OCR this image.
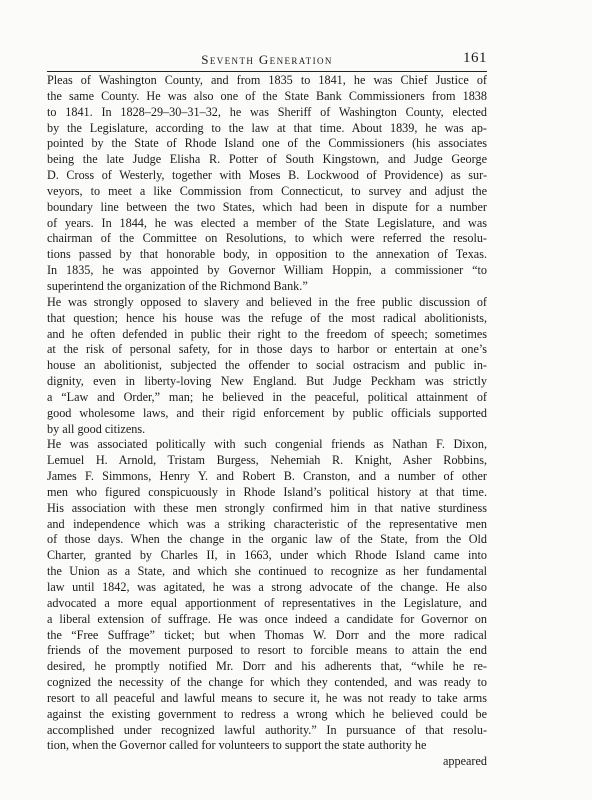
Seventh Generation	161
Pleas of Washington County, and from 1835 to 1841, he was Chief Justice of
the same County. He was also one of the State Bank Commissioners from 1838
to 1841. In 1828–29–30–31–32, he was Sheriff of Washington County, elected
by the Legislature, according to the law at that time. About 1839, he was ap-
pointed by the State of Rhode Island one of the Commissioners (his associates
being the late Judge Elisha R. Potter of South Kingstown, and Judge George
D. Cross of Westerly, together with Moses B. Lockwood of Providence) as sur-
veyors, to meet a like Commission from Connecticut, to survey and adjust the
boundary line between the two States, which had been in dispute for a number
of years. In 1844, he was elected a member of the State Legislature, and was
chairman of the Committee on Resolutions, to which were referred the resolu-
tions passed by that honorable body, in opposition to the annexation of Texas.
In 1835, he was appointed by Governor William Hoppin, a commissioner “to
superintend the organization of the Richmond Bank.”
He was strongly opposed to slavery and believed in the free public discussion of
that question; hence his house was the refuge of the most radical abolitionists,
and he often defended in public their right to the freedom of speech; sometimes
at the risk of personal safety, for in those days to harbor or entertain at one’s
house an abolitionist, subjected the offender to social ostracism and public in-
dignity, even in liberty-loving New England. But Judge Peckham was strictly
a “Law and Order,” man; he believed in the peaceful, political attainment of
good wholesome laws, and their rigid enforcement by public officials supported
by all good citizens.
He was associated politically with such congenial friends as Nathan F. Dixon,
Lemuel H. Arnold, Tristam Burgess, Nehemiah R. Knight, Asher Robbins,
James F. Simmons, Henry Y. and Robert B. Cranston, and a number of other
men who figured conspicuously in Rhode Island’s political history at that time.
His association with these men strongly confirmed him in that native sturdiness
and independence which was a striking characteristic of the representative men
of those days. When the change in the organic law of the State, from the Old
Charter, granted by Charles II, in 1663, under which Rhode Island came into
the Union as a State, and which she continued to recognize as her fundamental
law until 1842, was agitated, he was a strong advocate of the change. He also
advocated a more equal apportionment of representatives in the Legislature, and
a liberal extension of suffrage. He was once indeed a candidate for Governor on
the “Free Suffrage” ticket; but when Thomas W. Dorr and the more radical
friends of the movement purposed to resort to forcible means to attain the end
desired, he promptly notified Mr. Dorr and his adherents that, “while he re-
cognized the necessity of the change for which they contended, and was ready to
resort to all peaceful and lawful means to secure it, he was not ready to take arms
against the existing government to redress a wrong which he believed could be
accomplished under recognized lawful authority.” In pursuance of that resolu-
tion, when the Governor called for volunteers to support the state authority he
appeared
